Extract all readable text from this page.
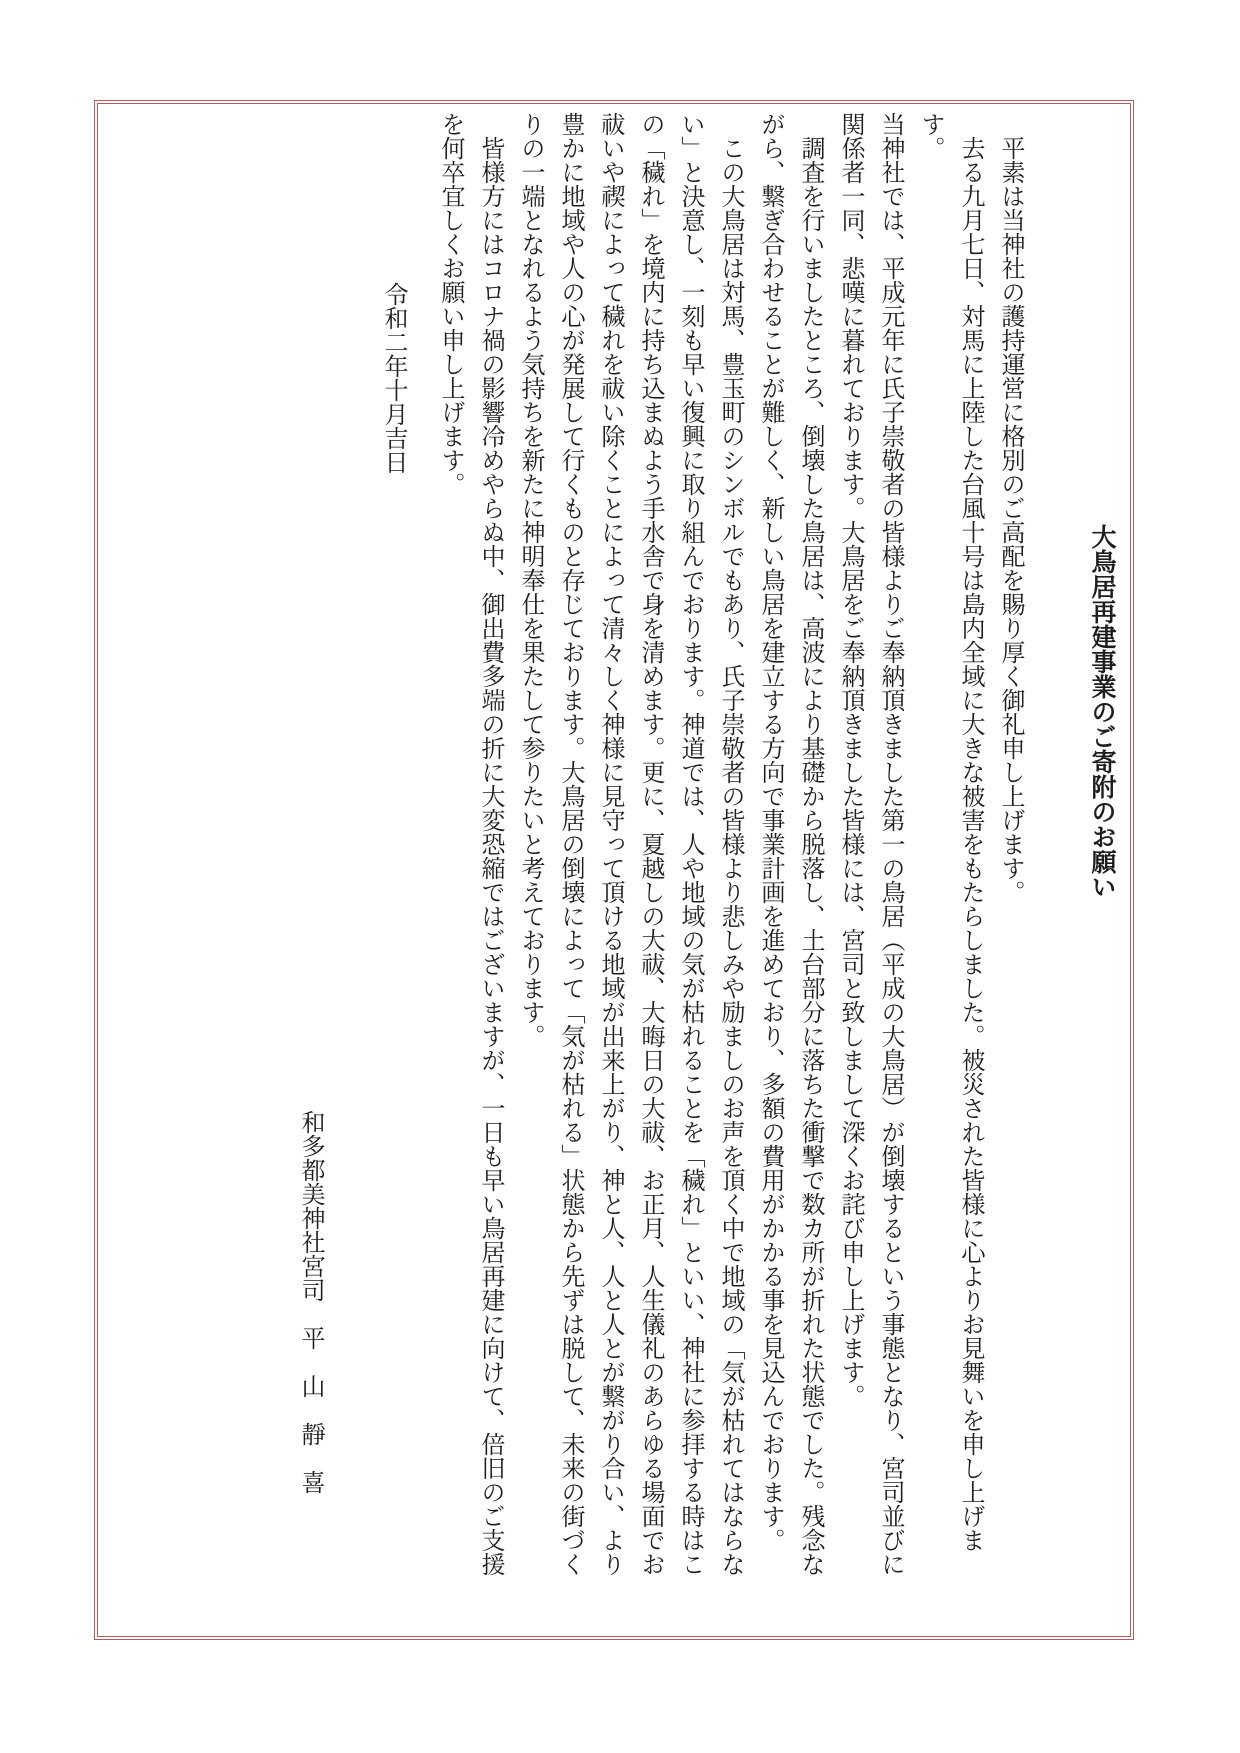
大鳥居再建事業のご寄附のお願い

　平素は当神社の護持運営に格別のご高配を賜り厚く御礼申し上げます。

　去る九月七日、対馬に上陸した台風十号は島内全域に大きな被害をもたらしました。被災された皆様に心よりお見舞いを申し上げます。

当神社では、平成元年に氏子崇敬者の皆様よりご奉納頂きました第一の鳥居（平成の大鳥居）が倒壊するという事態となり、宮司並びに関係者一同、悲嘆に暮れております。大鳥居をご奉納頂きました皆様には、宮司と致しまして深くお詫び申し上げます。

　調査を行いましたところ、倒壊した鳥居は、高波により基礎から脱落し、土台部分に落ちた衝撃で数カ所が折れた状態でした。残念ながら、繋ぎ合わせることが難しく、新しい鳥居を建立する方向で事業計画を進めており、多額の費用がかかる事を見込んでおります。

　この大鳥居は対馬、豊玉町のシンボルでもあり、氏子崇敬者の皆様より悲しみや励ましのお声を頂く中で地域の「気が枯れてはならない」と決意し、一刻も早い復興に取り組んでおります。神道では、人や地域の気が枯れることを「穢れ」といい、神社に参拝する時はこの「穢れ」を境内に持ち込まぬよう手水舎で身を清めます。更に、夏越しの大祓、大晦日の大祓、お正月、人生儀礼のあらゆる場面でお祓いや禊によって穢れを祓い除くことによって清々しく神様に見守って頂ける地域が出来上がり、神と人、人と人とが繋がり合い、より豊かに地域や人の心が発展して行くものと存じております。大鳥居の倒壊によって「気が枯れる」状態から先ずは脱して、未来の街づくりの一端となれるよう気持ちを新たに神明奉仕を果たして参りたいと考えております。

　皆様方にはコロナ禍の影響冷めやらぬ中、御出費多端の折に大変恐縮ではございますが、一日も早い鳥居再建に向けて、倍旧のご支援を何卒宜しくお願い申し上げます。

令和二年十月吉日
和多都美神社宮司　平　山　靜　喜
